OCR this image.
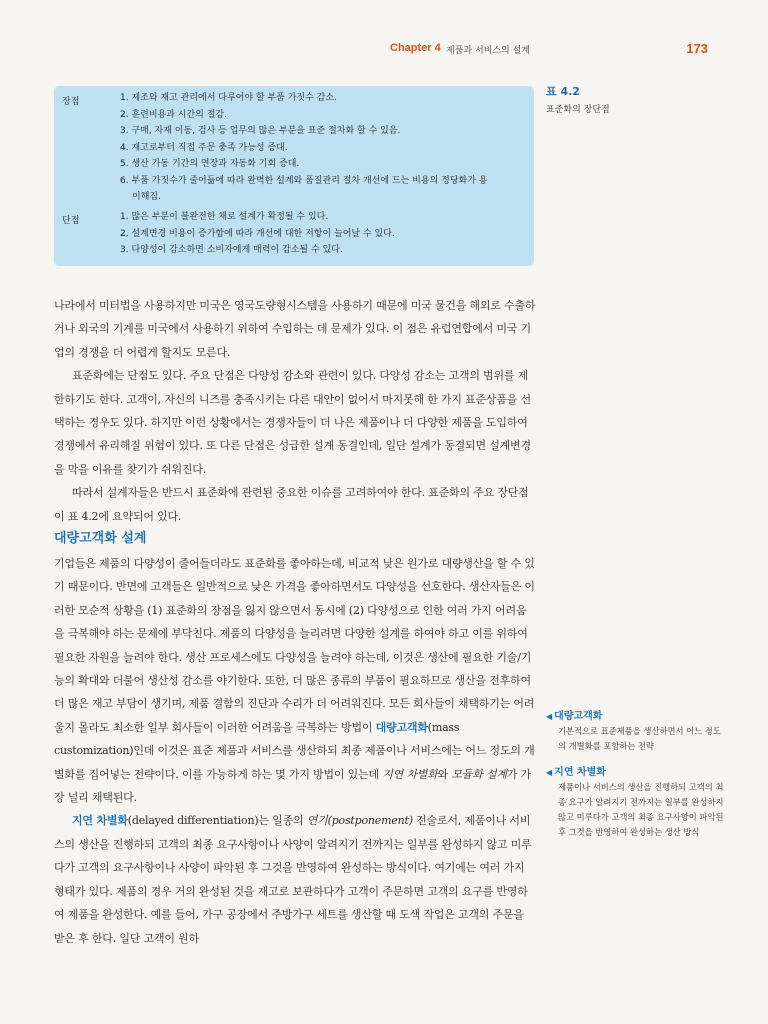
Chapter 4 제품과 서비스의 설계	173
장점	1. 제조와 재고 관리에서 다루어야 할 부품 가짓수 감소.
2. 훈련비용과 시간의 절감.
3. 구매, 자재 이동, 검사 등 업무의 많은 부분을 표준 절차화 할 수 있음.
4. 재고로부터 직접 주문 충족 가능성 증대.
5. 생산 가동 기간의 연장과 자동화 기회 증대.
6. 부품 가짓수가 줄어듦에 따라 완벽한 설계와 품질관리 절차 개선에 드는 비용의 정당화가 용
이해짐.
단점	1. 많은 부분이 불완전한 채로 설계가 확정될 수 있다.
2. 설계변경 비용이 증가함에 따라 개선에 대한 저항이 늘어날 수 있다.
3. 다양성이 감소하면 소비자에게 매력이 감소될 수 있다.
표 4.2
표준화의 장단점

나라에서 미터법을 사용하지만 미국은 영국도량형시스템을 사용하기 때문에 미국 물건을 해외로 수출하거나 외국의 기계를 미국에서 사용하기 위하여 수입하는 데 문제가 있다. 이 점은 유럽연합에서 미국 기업의 경쟁을 더 어렵게 할지도 모른다.

표준화에는 단점도 있다. 주요 단점은 다양성 감소와 관련이 있다. 다양성 감소는 고객의 범위를 제한하기도 한다. 고객이, 자신의 니즈를 충족시키는 다른 대안이 없어서 마지못해 한 가지 표준상품을 선택하는 경우도 있다. 하지만 이런 상황에서는 경쟁자들이 더 나은 제품이나 더 다양한 제품을 도입하여 경쟁에서 유리해질 위험이 있다. 또 다른 단점은 성급한 설계 동결인데, 일단 설계가 동결되면 설계변경을 막을 이유를 찾기가 쉬워진다.

따라서 설계자들은 반드시 표준화에 관련된 중요한 이슈를 고려하여야 한다. 표준화의 주요 장단점이 표 4.2에 요약되어 있다.

대량고객화 설계

기업들은 제품의 다양성이 줄어들더라도 표준화를 좋아하는데, 비교적 낮은 원가로 대량생산을 할 수 있기 때문이다. 반면에 고객들은 일반적으로 낮은 가격을 좋아하면서도 다양성을 선호한다. 생산자들은 이러한 모순적 상황을 (1) 표준화의 장점을 잃지 않으면서 동시에 (2) 다양성으로 인한 여러 가지 어려움을 극복해야 하는 문제에 부닥친다. 제품의 다양성을 늘리려면 다양한 설계를 하여야 하고 이를 위하여 필요한 자원을 늘려야 한다. 생산 프로세스에도 다양성을 늘려야 하는데, 이것은 생산에 필요한 기술/기능의 확대와 더불어 생산성 감소를 야기한다. 또한, 더 많은 종류의 부품이 필요하므로 생산을 전후하여 더 많은 재고 부담이 생기며, 제품 결함의 진단과 수리가 더 어려워진다. 모든 회사들이 채택하기는 어려울지 몰라도 최소한 일부 회사들이 이러한 어려움을 극복하는 방법이 대량고객화(mass customization)인데 이것은 표준 제품과 서비스를 생산하되 최종 제품이나 서비스에는 어느 정도의 개별화를 집어넣는 전략이다. 이를 가능하게 하는 몇 가지 방법이 있는데 지연 차별화와 모듈화 설계가 가장 널리 채택된다.

지연 차별화(delayed differentiation)는 일종의 연기(postponement) 전술로서, 제품이나 서비스의 생산을 진행하되 고객의 최종 요구사항이나 사양이 알려지기 전까지는 일부를 완성하지 않고 미루다가 고객의 요구사항이나 사양이 파악된 후 그것을 반영하여 완성하는 방식이다. 여기에는 여러 가지 형태가 있다. 제품의 경우 거의 완성된 것을 재고로 보관하다가 고객이 주문하면 고객의 요구를 반영하여 제품을 완성한다. 예를 들어, 가구 공장에서 주방가구 세트를 생산할 때 도색 작업은 고객의 주문을 받은 후 한다. 일단 고객이 원하

◀ 대량고객화
기본적으로 표준제품을 생산하면서 어느 정도의 개별화를 포함하는 전략
◀ 지연 차별화
제품이나 서비스의 생산을 진행하되 고객의 최종 요구가 알려지기 전까지는 일부를 완성하지 않고 미루다가 고객의 최종 요구사항이 파악된 후 그것을 반영하여 완성하는 생산 방식
